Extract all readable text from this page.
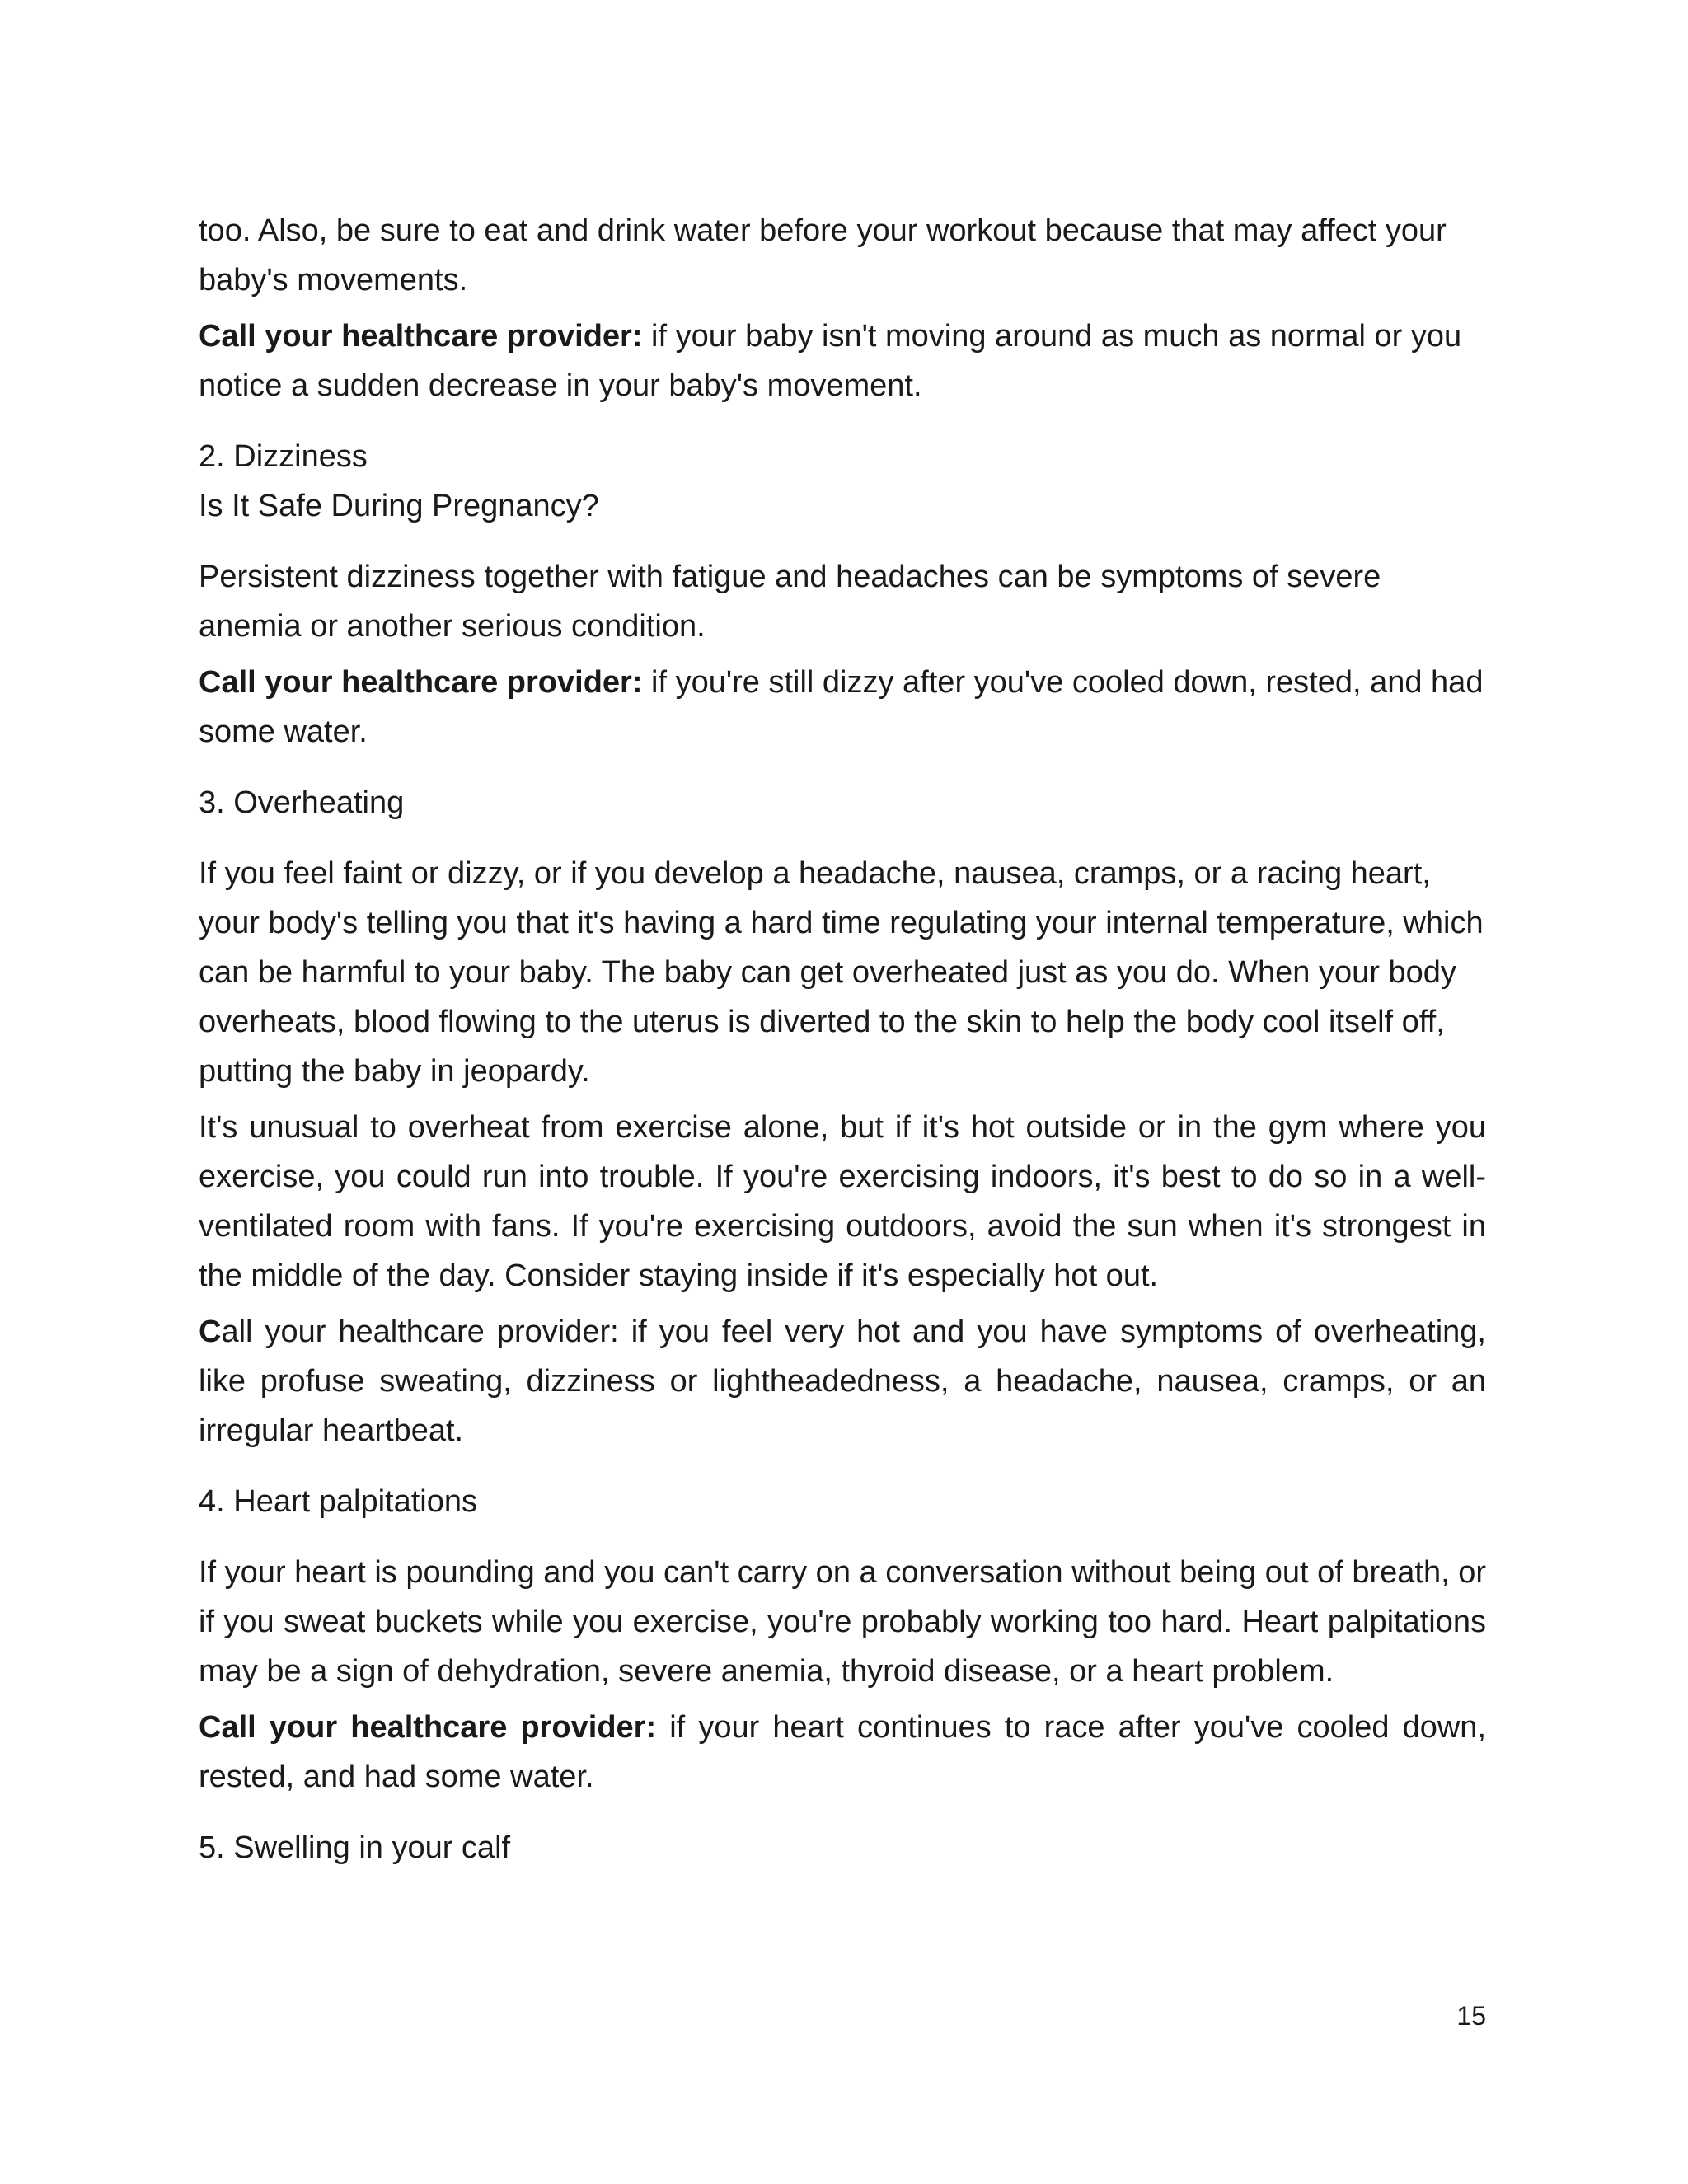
too. Also, be sure to eat and drink water before your workout because that may affect your baby's movements.

Call your healthcare provider: if your baby isn't moving around as much as normal or you notice a sudden decrease in your baby's movement.

2. Dizziness

Is It Safe During Pregnancy?

Persistent dizziness together with fatigue and headaches can be symptoms of severe anemia or another serious condition.

Call your healthcare provider: if you're still dizzy after you've cooled down, rested, and had some water.

3. Overheating

If you feel faint or dizzy, or if you develop a headache, nausea, cramps, or a racing heart, your body's telling you that it's having a hard time regulating your internal temperature, which can be harmful to your baby. The baby can get overheated just as you do. When your body overheats, blood flowing to the uterus is diverted to the skin to help the body cool itself off, putting the baby in jeopardy.

It's unusual to overheat from exercise alone, but if it's hot outside or in the gym where you exercise, you could run into trouble. If you're exercising indoors, it's best to do so in a well-ventilated room with fans. If you're exercising outdoors, avoid the sun when it's strongest in the middle of the day. Consider staying inside if it's especially hot out.

Call your healthcare provider: if you feel very hot and you have symptoms of overheating, like profuse sweating, dizziness or lightheadedness, a headache, nausea, cramps, or an irregular heartbeat.

4. Heart palpitations

If your heart is pounding and you can't carry on a conversation without being out of breath, or if you sweat buckets while you exercise, you're probably working too hard. Heart palpitations may be a sign of dehydration, severe anemia, thyroid disease, or a heart problem.

Call your healthcare provider: if your heart continues to race after you've cooled down, rested, and had some water.

5. Swelling in your calf

15
